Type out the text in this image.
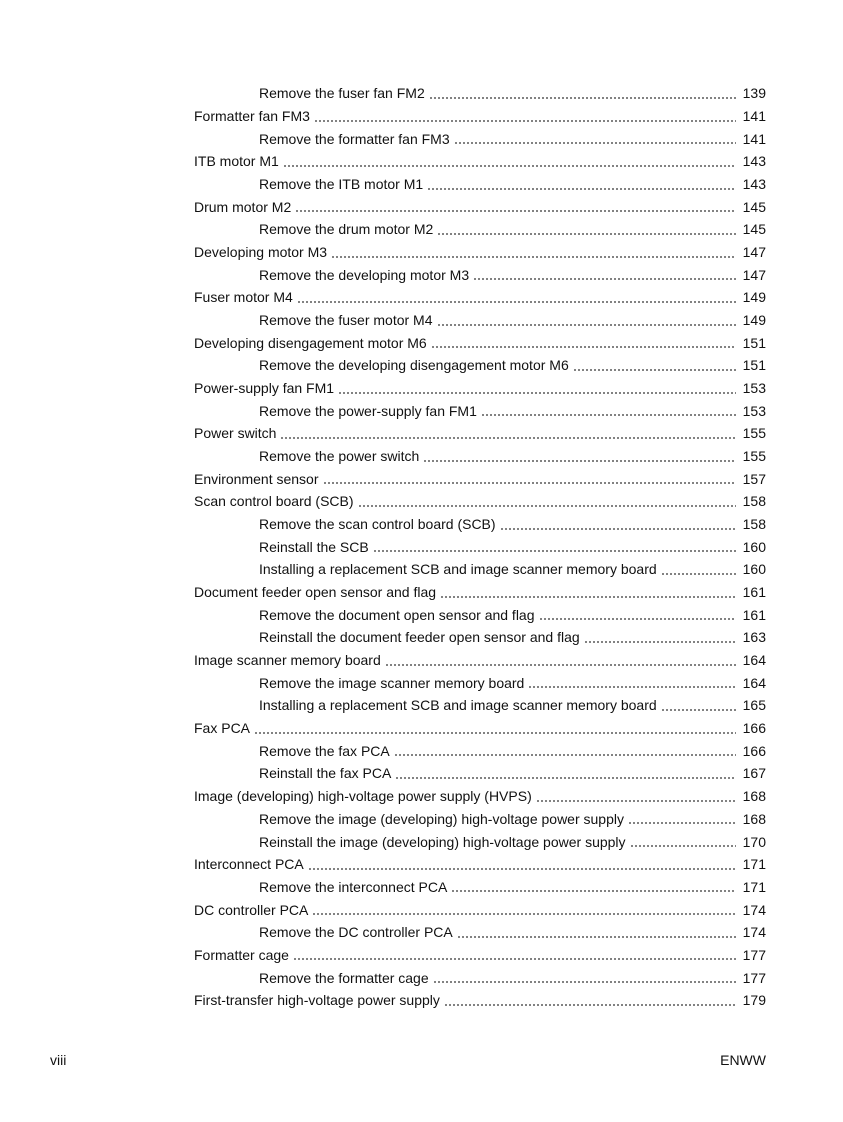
Remove the fuser fan FM2	139
Formatter fan FM3	141
Remove the formatter fan FM3	141
ITB motor M1	143
Remove the ITB motor M1	143
Drum motor M2	145
Remove the drum motor M2	145
Developing motor M3	147
Remove the developing motor M3	147
Fuser motor M4	149
Remove the fuser motor M4	149
Developing disengagement motor M6	151
Remove the developing disengagement motor M6	151
Power-supply fan FM1	153
Remove the power-supply fan FM1	153
Power switch	155
Remove the power switch	155
Environment sensor	157
Scan control board (SCB)	158
Remove the scan control board (SCB)	158
Reinstall the SCB	160
Installing a replacement SCB and image scanner memory board	160
Document feeder open sensor and flag	161
Remove the document open sensor and flag	161
Reinstall the document feeder open sensor and flag	163
Image scanner memory board	164
Remove the image scanner memory board	164
Installing a replacement SCB and image scanner memory board	165
Fax PCA	166
Remove the fax PCA	166
Reinstall the fax PCA	167
Image (developing) high-voltage power supply (HVPS)	168
Remove the image (developing) high-voltage power supply	168
Reinstall the image (developing) high-voltage power supply	170
Interconnect PCA	171
Remove the interconnect PCA	171
DC controller PCA	174
Remove the DC controller PCA	174
Formatter cage	177
Remove the formatter cage	177
First-transfer high-voltage power supply	179
viii	ENWW
